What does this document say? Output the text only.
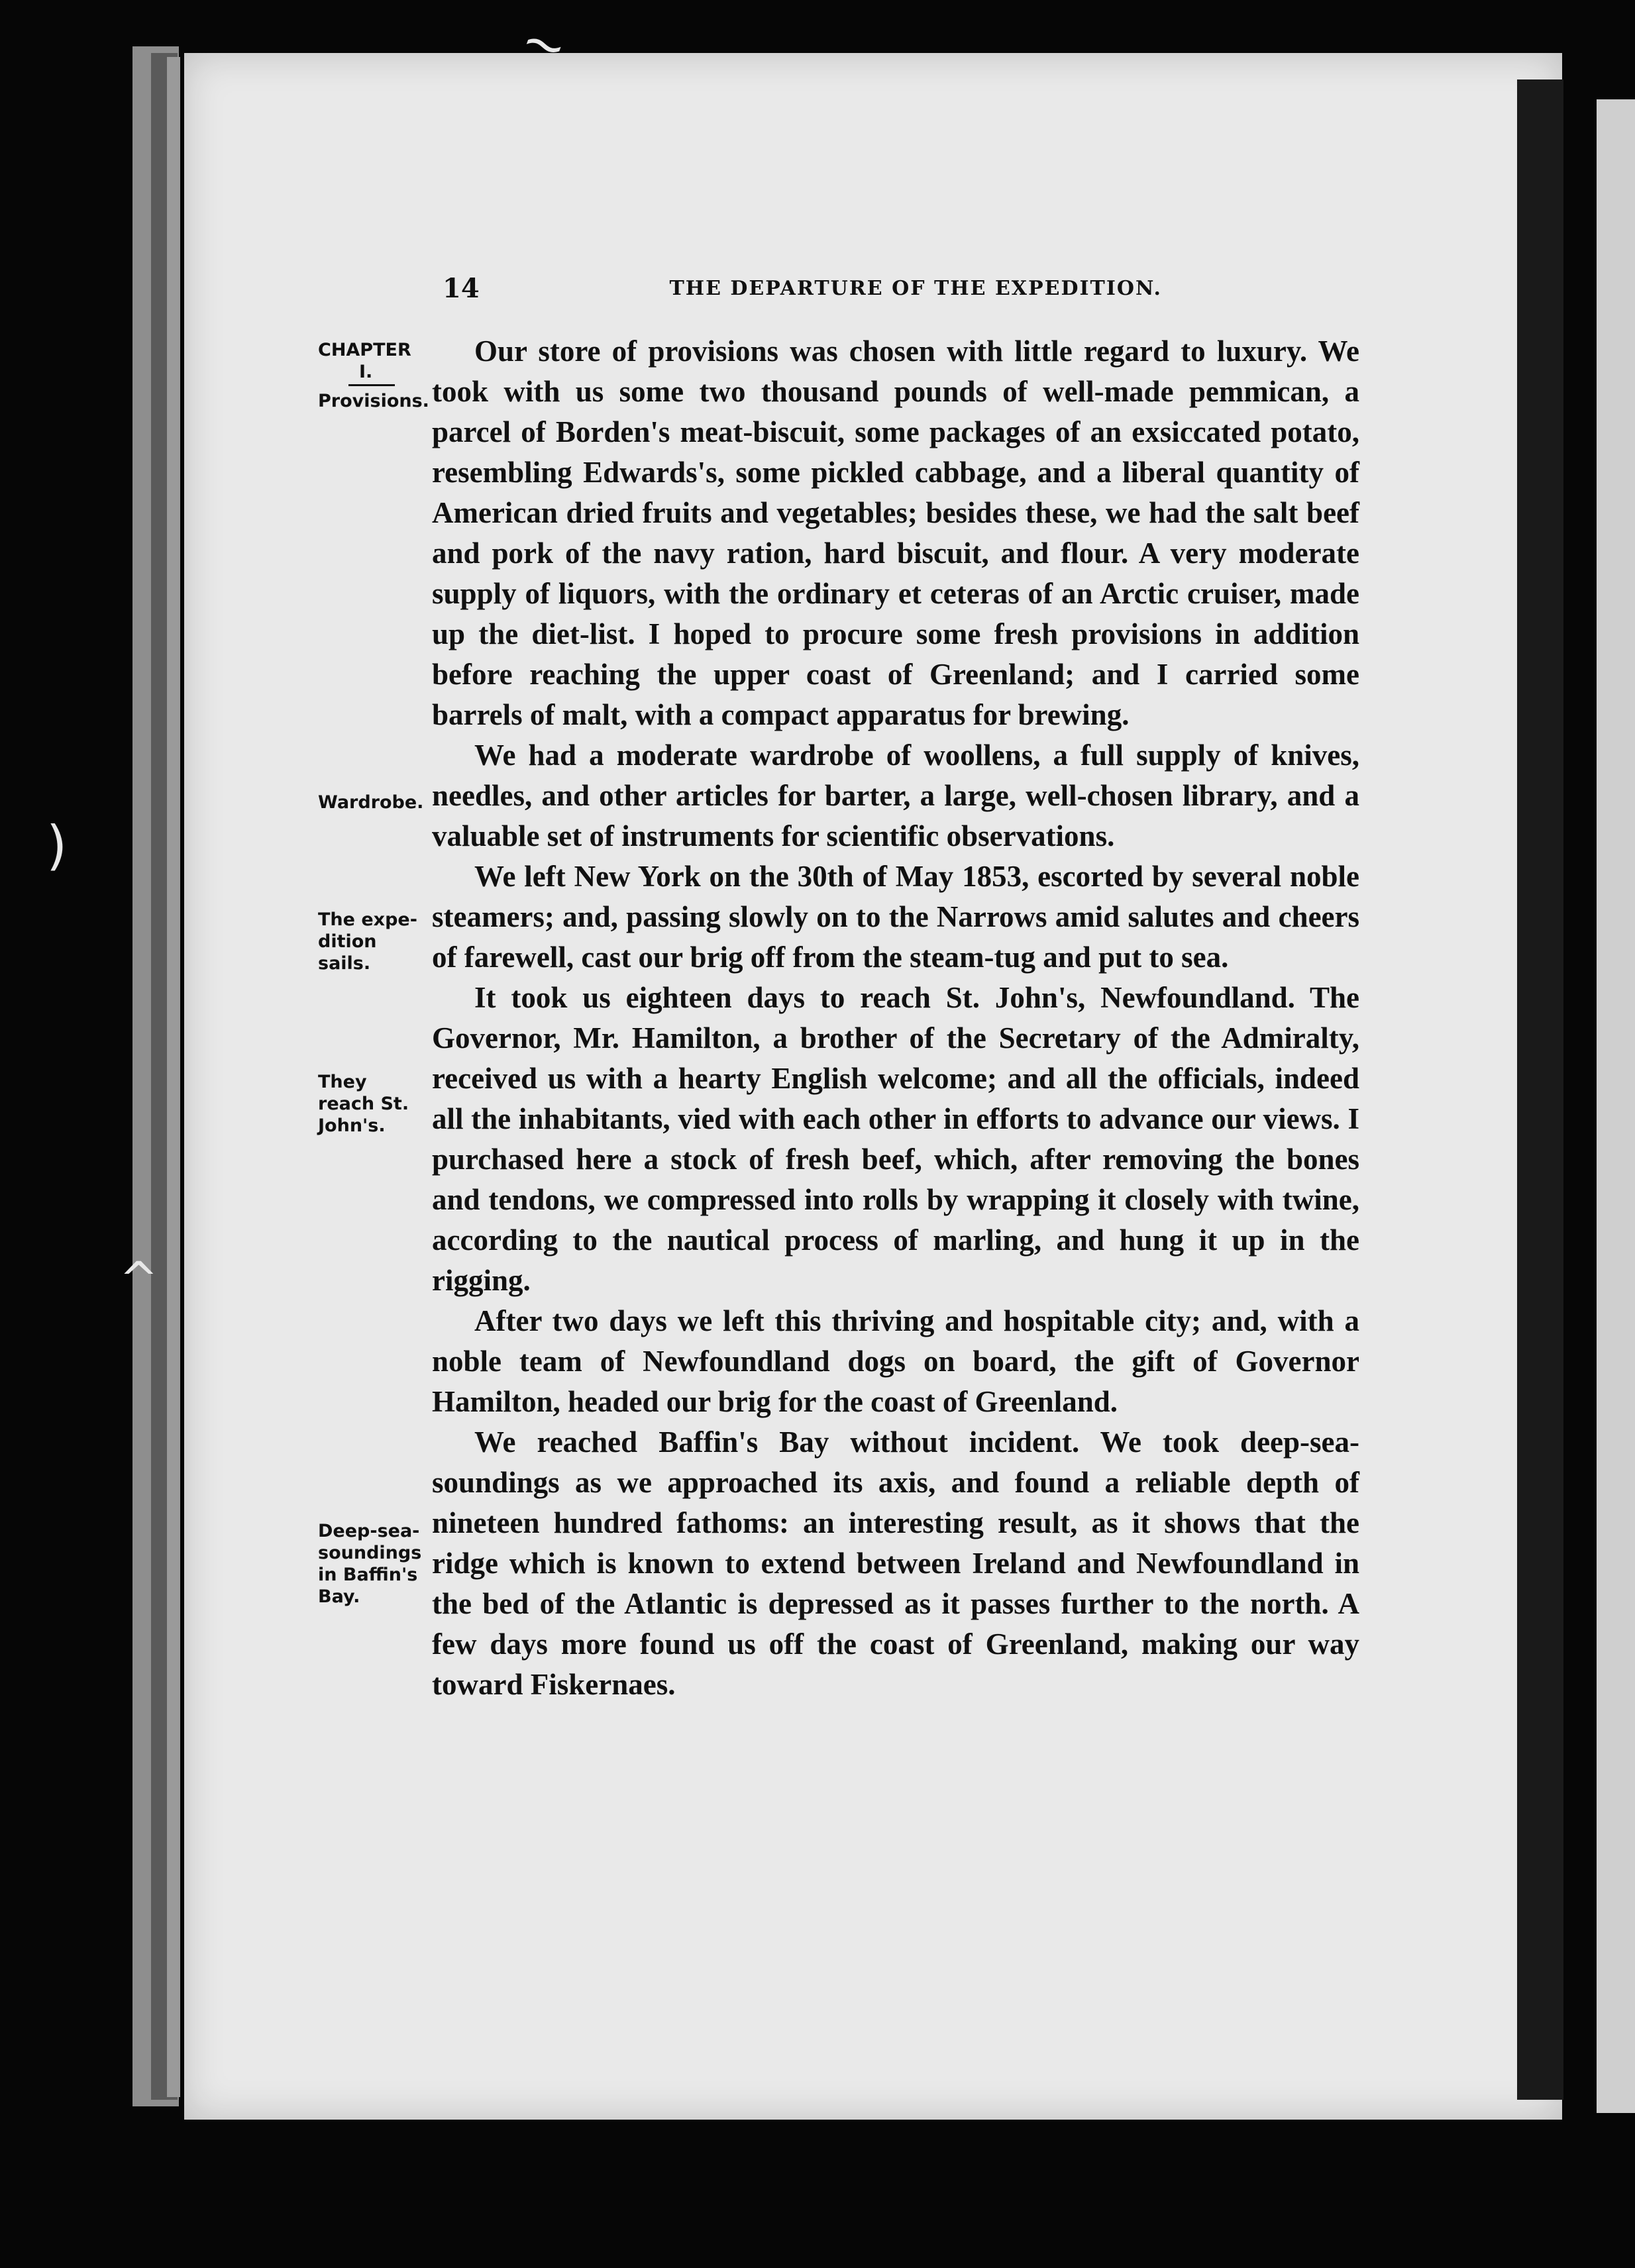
~
)
^
14	THE DEPARTURE OF THE EXPEDITION.
CHAPTER
I.
Provisions.
Wardrobe.
The expe-dition sails.
They reach St. John's.
Deep-sea-soundings in Baffin's Bay.

Our store of provisions was chosen with little regard to luxury. We took with us some two thousand pounds of well-made pemmican, a parcel of Borden's meat-biscuit, some packages of an exsiccated potato, resembling Edwards's, some pickled cabbage, and a liberal quantity of American dried fruits and vegetables; besides these, we had the salt beef and pork of the navy ration, hard biscuit, and flour. A very moderate supply of liquors, with the ordinary et ceteras of an Arctic cruiser, made up the diet-list. I hoped to procure some fresh provisions in addition before reaching the upper coast of Greenland; and I carried some barrels of malt, with a compact apparatus for brewing.

We had a moderate wardrobe of woollens, a full supply of knives, needles, and other articles for barter, a large, well-chosen library, and a valuable set of instruments for scientific observations.

We left New York on the 30th of May 1853, escorted by several noble steamers; and, passing slowly on to the Narrows amid salutes and cheers of farewell, cast our brig off from the steam-tug and put to sea.

It took us eighteen days to reach St. John's, Newfoundland. The Governor, Mr. Hamilton, a brother of the Secretary of the Admiralty, received us with a hearty English welcome; and all the officials, indeed all the inhabitants, vied with each other in efforts to advance our views. I purchased here a stock of fresh beef, which, after removing the bones and tendons, we compressed into rolls by wrapping it closely with twine, according to the nautical process of marling, and hung it up in the rigging.

After two days we left this thriving and hospitable city; and, with a noble team of Newfoundland dogs on board, the gift of Governor Hamilton, headed our brig for the coast of Greenland.

We reached Baffin's Bay without incident. We took deep-sea-soundings as we approached its axis, and found a reliable depth of nineteen hundred fathoms: an interesting result, as it shows that the ridge which is known to extend between Ireland and Newfoundland in the bed of the Atlantic is depressed as it passes further to the north. A few days more found us off the coast of Greenland, making our way toward Fiskernaes.
